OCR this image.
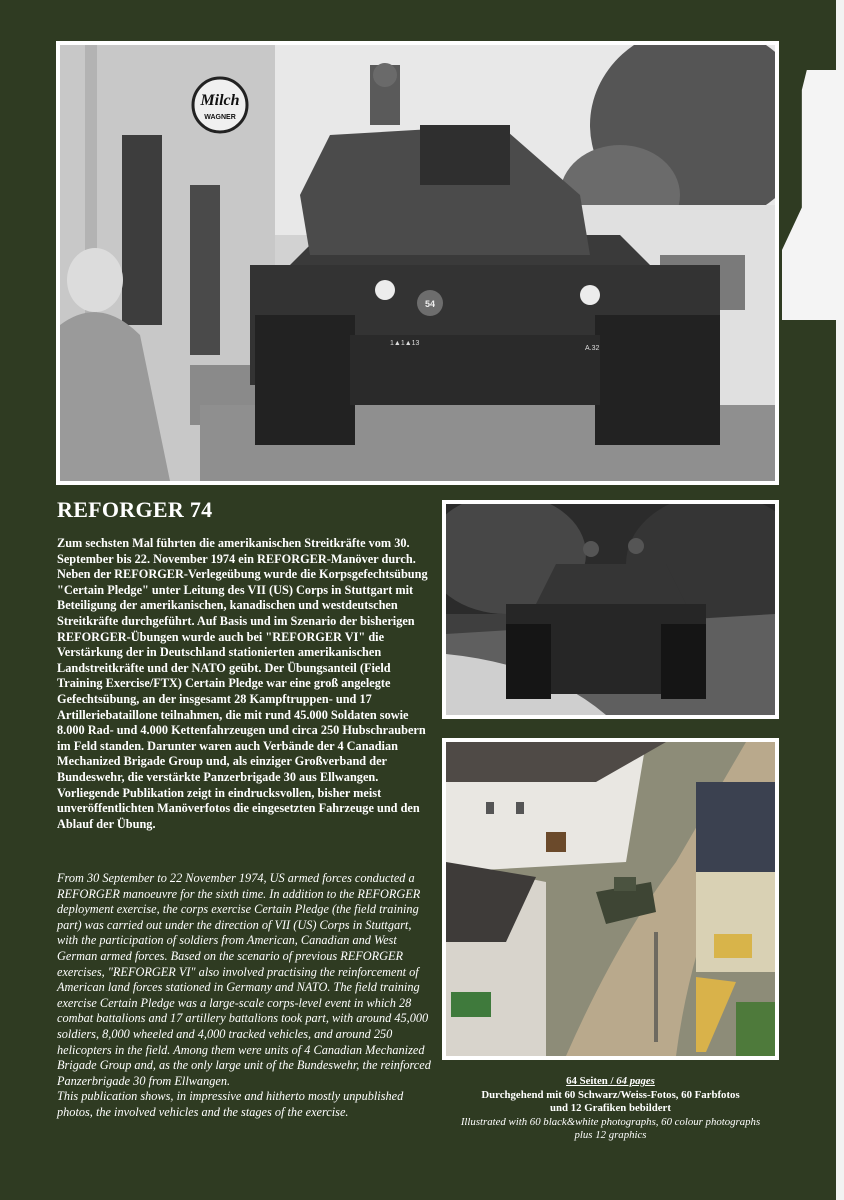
Milch
WAGNER
54
1▲1▲13
A.32
REFORGER 74

Zum sechsten Mal führten die amerikanischen Streitkräfte vom 30. September bis 22. November 1974 ein REFORGER-Manöver durch. Neben der REFORGER-Verlegeübung wurde die Korpsgefechtsübung "Certain Pledge" unter Leitung des VII (US) Corps in Stuttgart mit Beteiligung der amerikanischen, kanadischen und westdeutschen Streitkräfte durchgeführt. Auf Basis und im Szenario der bisherigen REFORGER-Übungen wurde auch bei "REFORGER VI" die Verstärkung der in Deutschland stationierten amerikanischen Landstreitkräfte und der NATO geübt. Der Übungsanteil (Field Training Exercise/FTX) Certain Pledge war eine groß angelegte Gefechtsübung, an der insgesamt 28 Kampftruppen- und 17 Artilleriebataillone teilnahmen, die mit rund 45.000 Soldaten sowie 8.000 Rad- und 4.000 Kettenfahrzeugen und circa 250 Hubschraubern im Feld standen. Darunter waren auch Verbände der 4 Canadian Mechanized Brigade Group und, als einziger Großverband der Bundeswehr, die verstärkte Panzerbrigade 30 aus Ellwangen.
Vorliegende Publikation zeigt in eindrucksvollen, bisher meist unveröffentlichten Manöverfotos die eingesetzten Fahrzeuge und den Ablauf der Übung.

From 30 September to 22 November 1974, US armed forces conducted a REFORGER manoeuvre for the sixth time. In addition to the REFORGER deployment exercise, the corps exercise Certain Pledge (the field training part) was carried out under the direction of VII (US) Corps in Stuttgart, with the participation of soldiers from American, Canadian and West German armed forces. Based on the scenario of previous REFORGER exercises, "REFORGER VI" also involved practising the reinforcement of American land forces stationed in Germany and NATO. The field training exercise Certain Pledge was a large-scale corps-level event in which 28 combat battalions and 17 artillery battalions took part, with around 45,000 soldiers, 8,000 wheeled and 4,000 tracked vehicles, and around 250 helicopters in the field. Among them were units of 4 Canadian Mechanized Brigade Group and, as the only large unit of the Bundeswehr, the reinforced Panzerbrigade 30 from Ellwangen.
This publication shows, in impressive and hitherto mostly unpublished photos, the involved vehicles and the stages of the exercise.

64 Seiten / 64 pages
Durchgehend mit 60 Schwarz/Weiss-Fotos, 60 Farbfotos
und 12 Grafiken bebildert
Illustrated with 60 black&white photographs, 60 colour photographs
plus 12 graphics
